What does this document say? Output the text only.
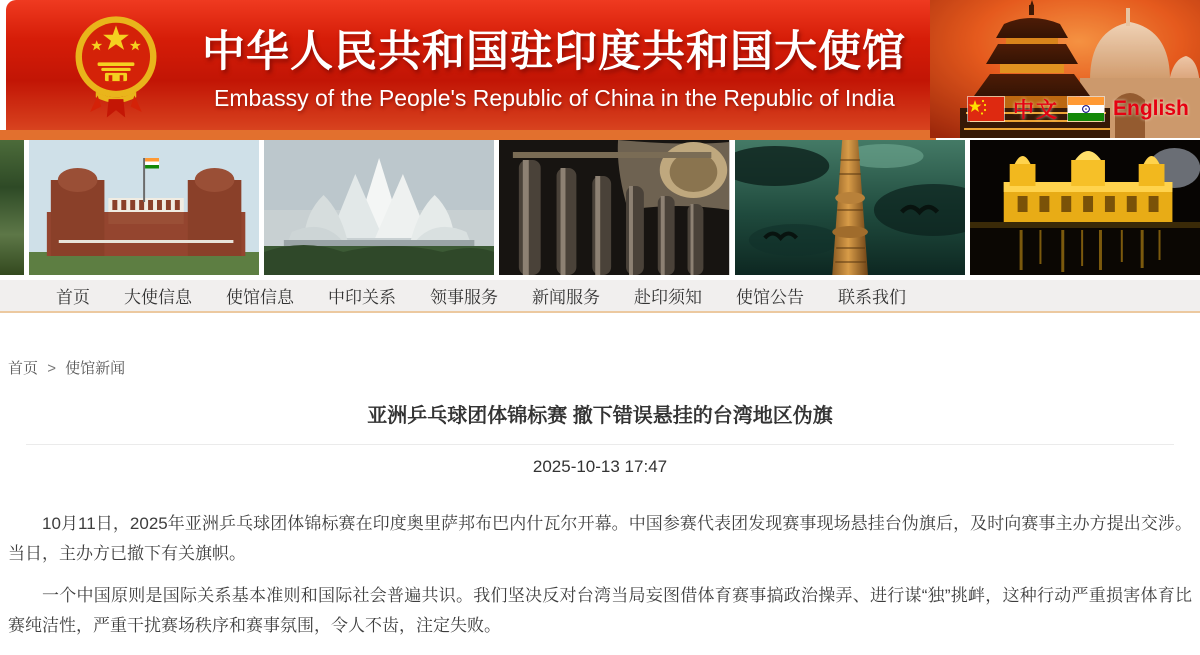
中华人民共和国驻印度共和国大使馆
Embassy of the People's Republic of China in the Republic of India	中文	English
首页 大使信息 使馆信息 中印关系 领事服务 新闻服务 赴印须知 使馆公告 联系我们
首页 > 使馆新闻
亚洲乒乓球团体锦标赛 撤下错误悬挂的台湾地区伪旗
2025-10-13 17:47

10月11日，2025年亚洲乒乓球团体锦标赛在印度奥里萨邦布巴内什瓦尔开幕。中国参赛代表团发现赛事现场悬挂台伪旗后，及时向赛事主办方提出交涉。当日，主办方已撤下有关旗帜。

一个中国原则是国际关系基本准则和国际社会普遍共识。我们坚决反对台湾当局妄图借体育赛事搞政治操弄、进行谋“独”挑衅，这种行动严重损害体育比赛纯洁性，严重干扰赛场秩序和赛事氛围，令人不齿，注定失败。
